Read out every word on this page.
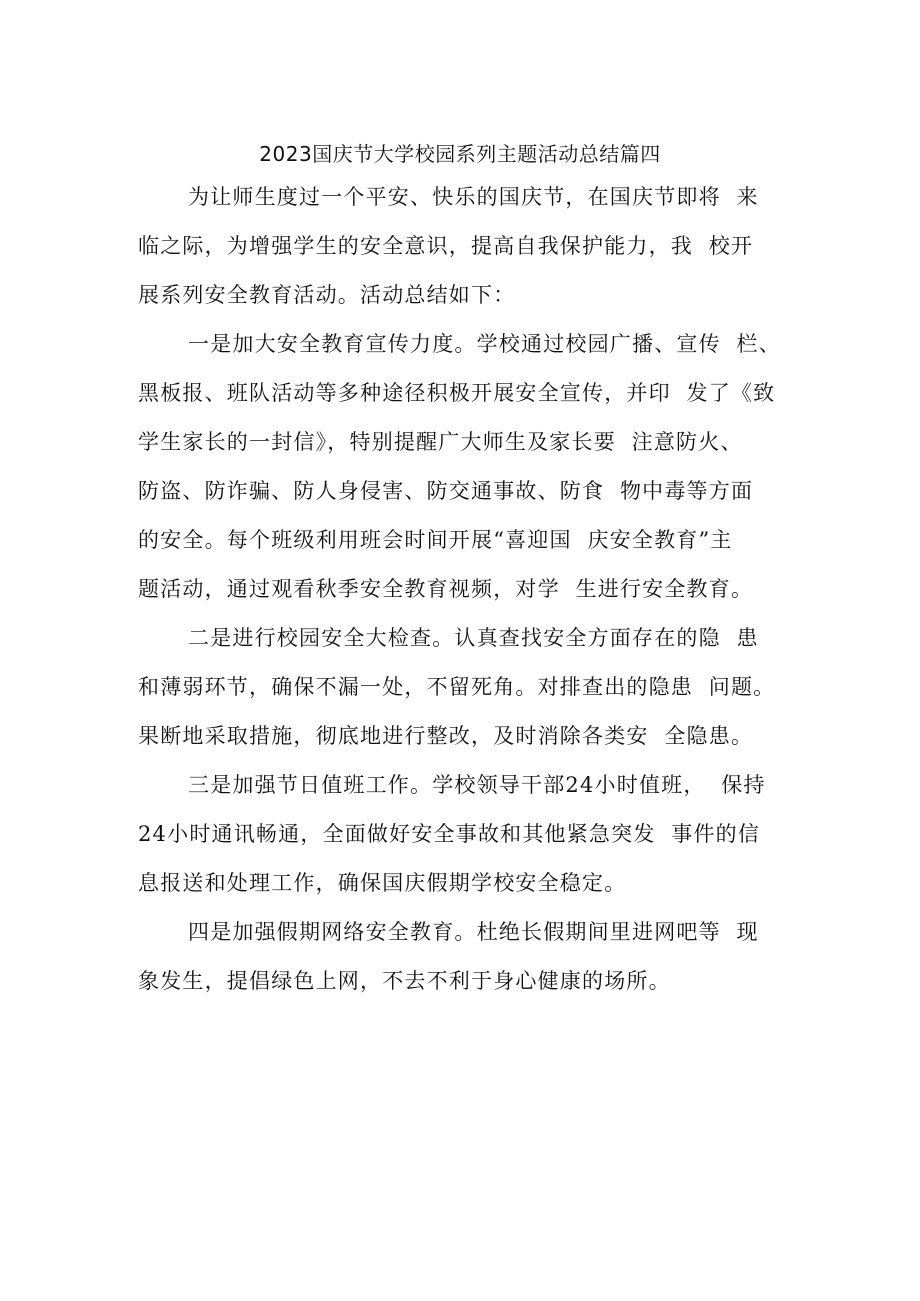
2023国庆节大学校园系列主题活动总结篇四
为让师生度过一个平安、快乐的国庆节，在国庆节即将  来
临之际，为增强学生的安全意识，提高自我保护能力，我  校开
展系列安全教育活动。活动总结如下：
一是加大安全教育宣传力度。学校通过校园广播、宣传  栏、
黑板报、班队活动等多种途径积极开展安全宣传，并印  发了《致
学生家长的一封信》，特别提醒广大师生及家长要  注意防火、
防盗、防诈骗、防人身侵害、防交通事故、防食  物中毒等方面
的安全。每个班级利用班会时间开展“喜迎国  庆安全教育”主
题活动，通过观看秋季安全教育视频，对学  生进行安全教育。
二是进行校园安全大检查。认真查找安全方面存在的隐  患
和薄弱环节，确保不漏一处，不留死角。对排查出的隐患  问题。
果断地采取措施，彻底地进行整改，及时消除各类安  全隐患。
三是加强节日值班工作。学校领导干部24小时值班，  保持
24小时通讯畅通，全面做好安全事故和其他紧急突发  事件的信
息报送和处理工作，确保国庆假期学校安全稳定。
四是加强假期网络安全教育。杜绝长假期间里进网吧等  现
象发生，提倡绿色上网，不去不利于身心健康的场所。
